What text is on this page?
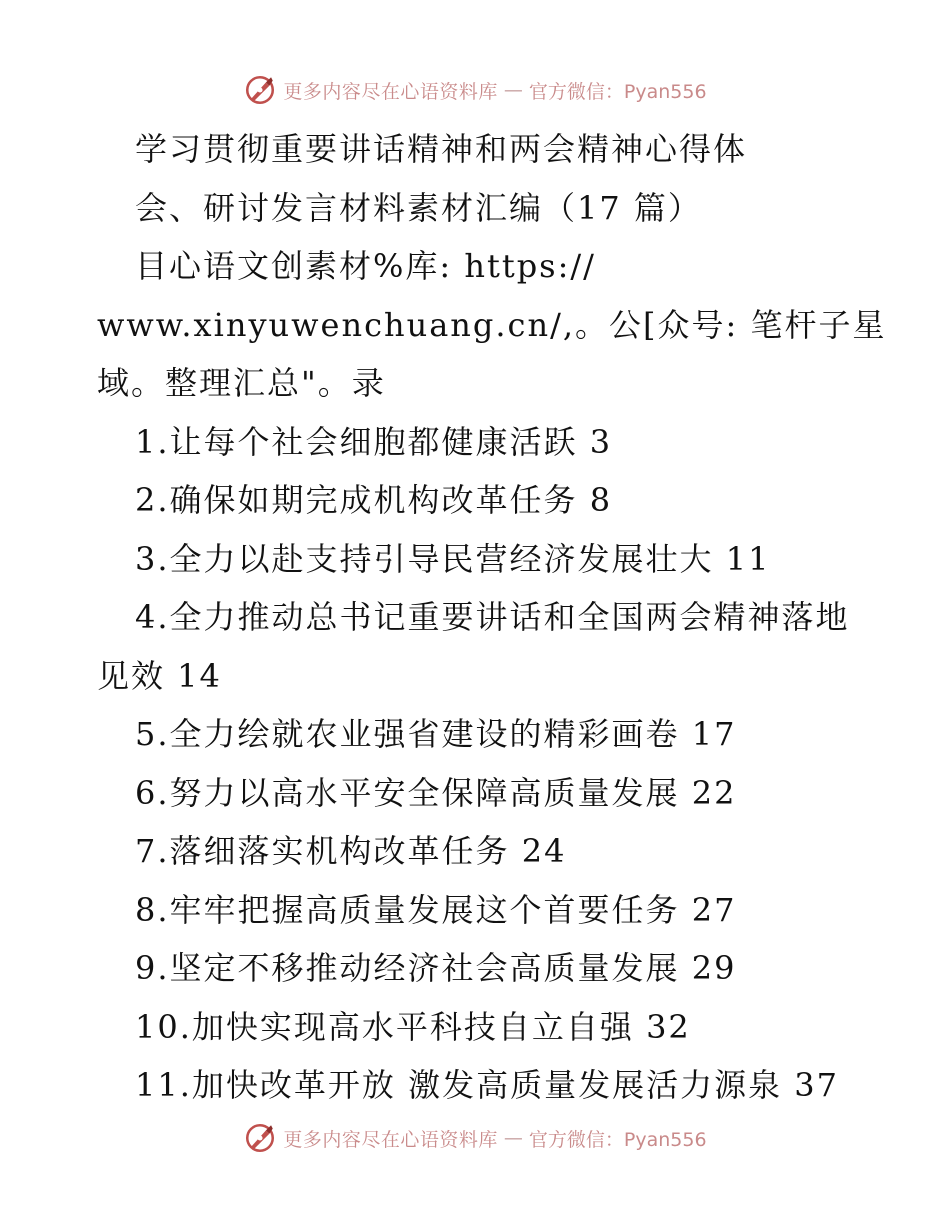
更多内容尽在心语资料库 — 官方微信：Pyan556

学习贯彻重要讲话精神和两会精神心得体

会、研讨发言材料素材汇编（17 篇）

目心语文创素材%库: https://

www.xinyuwenchuang.cn/,。公[众号: 笔杆子星

域。整理汇总"。录

1.让每个社会细胞都健康活跃 3

2.确保如期完成机构改革任务 8

3.全力以赴支持引导民营经济发展壮大 11

4.全力推动总书记重要讲话和全国两会精神落地

见效 14

5.全力绘就农业强省建设的精彩画卷 17

6.努力以高水平安全保障高质量发展 22

7.落细落实机构改革任务 24

8.牢牢把握高质量发展这个首要任务 27

9.坚定不移推动经济社会高质量发展 29

10.加快实现高水平科技自立自强 32

11.加快改革开放 激发高质量发展活力源泉 37

更多内容尽在心语资料库 — 官方微信：Pyan556
